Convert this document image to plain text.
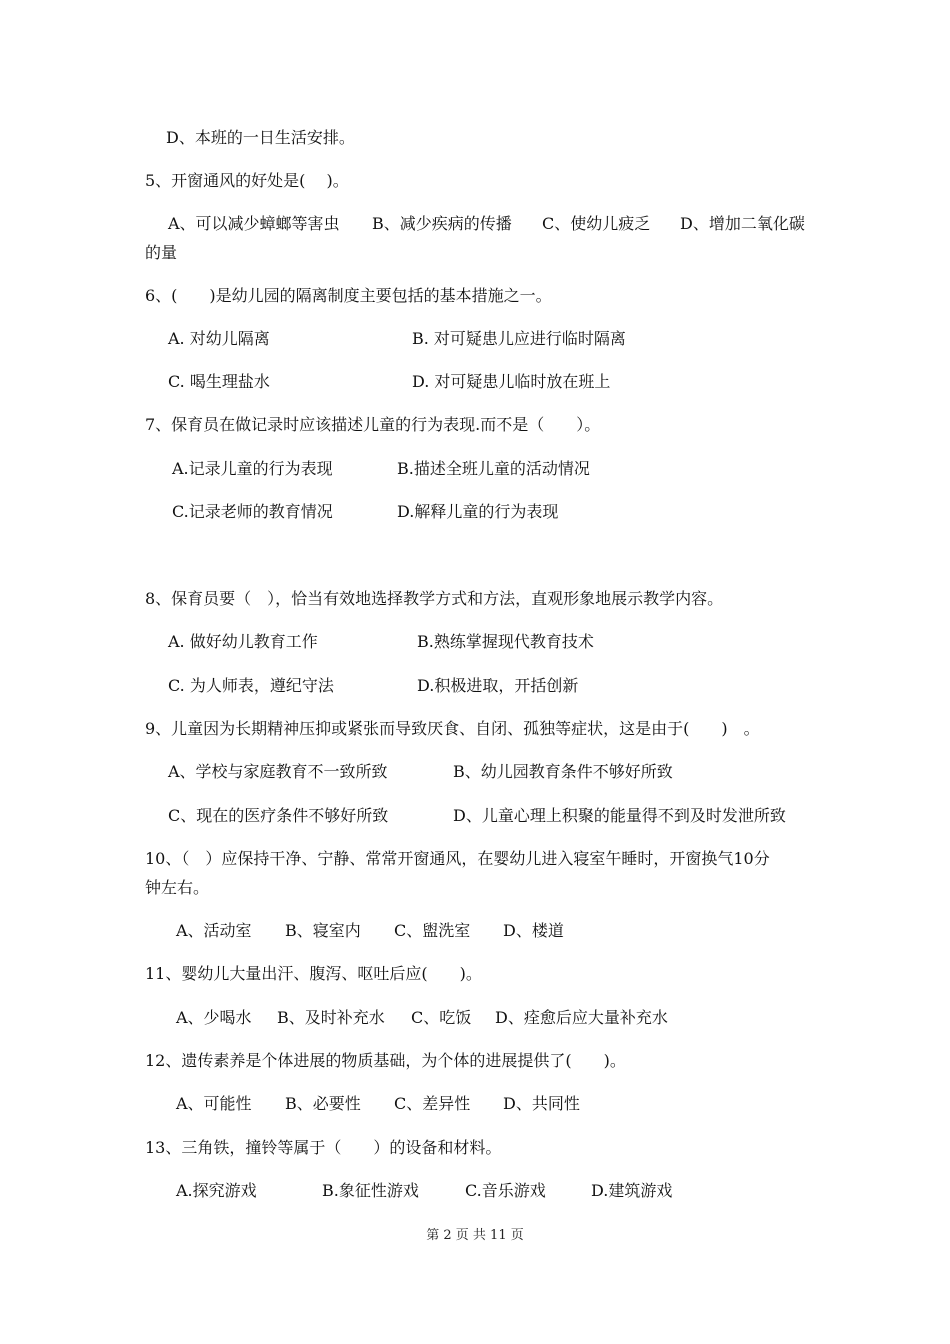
D、本班的一日生活安排。
5、开窗通风的好处是(　 )。
A、可以减少蟑螂等害虫 B、减少疾病的传播 C、使幼儿疲乏 D、增加二氧化碳
的量
6、(　　)是幼儿园的隔离制度主要包括的基本措施之一。
A. 对幼儿隔离	B. 对可疑患儿应进行临时隔离
C. 喝生理盐水	D. 对可疑患儿临时放在班上
7、保育员在做记录时应该描述儿童的行为表现.而不是（　　）。
A.记录儿童的行为表现	B.描述全班儿童的活动情况
C.记录老师的教育情况	D.解释儿童的行为表现
8、保育员要（　），恰当有效地选择教学方式和方法，直观形象地展示教学内容。
A. 做好幼儿教育工作	B.熟练掌握现代教育技术
C. 为人师表，遵纪守法	D.积极进取，开括创新
9、儿童因为长期精神压抑或紧张而导致厌食、自闭、孤独等症状，这是由于(　　)　。
A、学校与家庭教育不一致所致	B、幼儿园教育条件不够好所致
C、现在的医疗条件不够好所致	D、儿童心理上积聚的能量得不到及时发泄所致
10、（　）应保持干净、宁静、常常开窗通风，在婴幼儿进入寝室午睡时，开窗换气10分
钟左右。
A、活动室 B、寝室内 C、盥洗室 D、楼道
11、婴幼儿大量出汗、腹泻、呕吐后应(　　)。
A、少喝水 B、及时补充水 C、吃饭 D、痊愈后应大量补充水
12、遗传素养是个体进展的物质基础，为个体的进展提供了(　　)。
A、可能性 B、必要性 C、差异性 D、共同性
13、三角铁，撞铃等属于（　　）的设备和材料。
A.探究游戏	B.象征性游戏	C.音乐游戏	D.建筑游戏
第 2 页 共 11 页
